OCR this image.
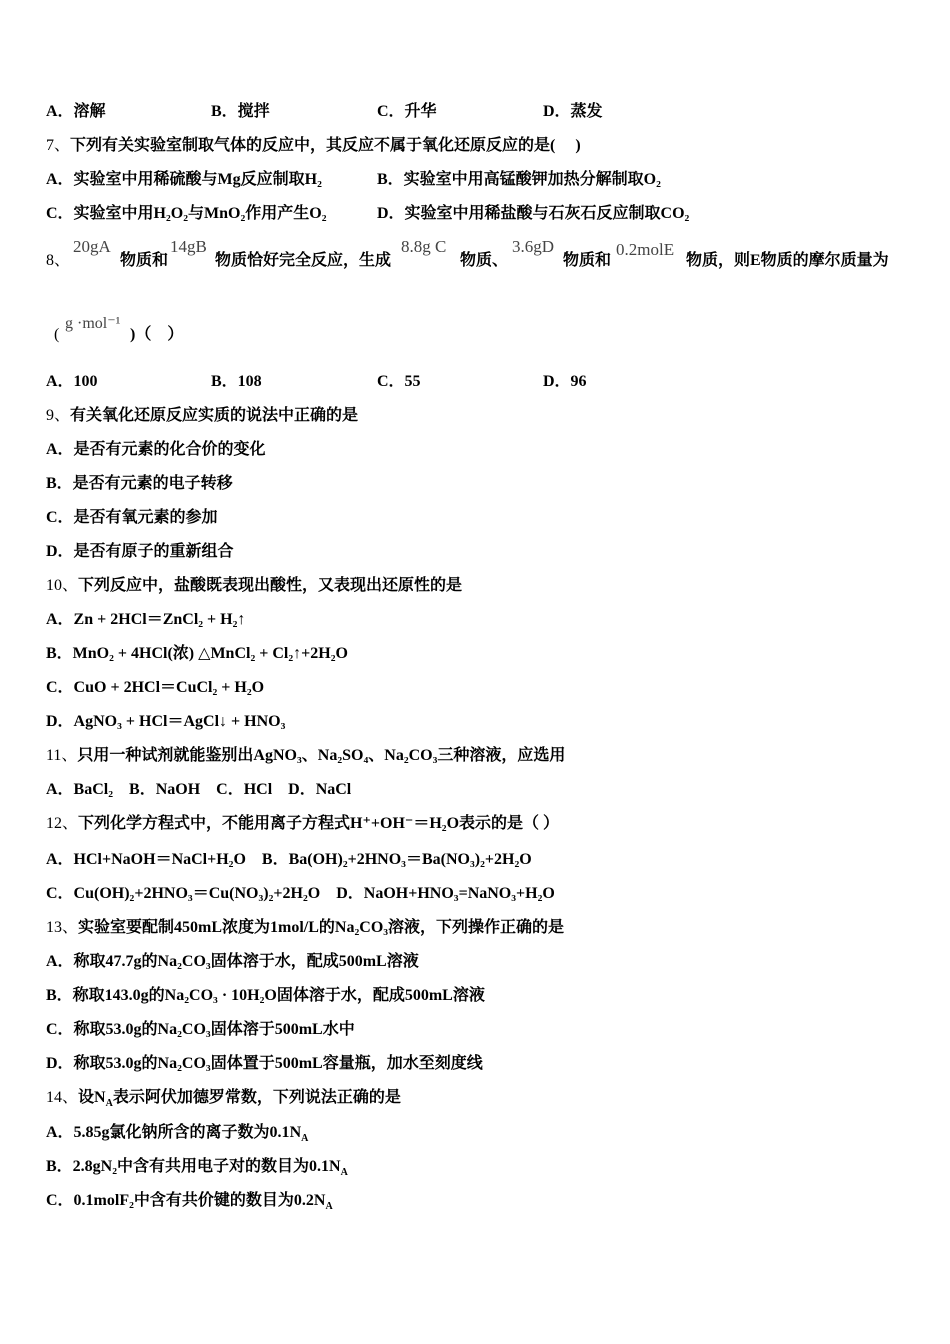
A．溶解	B．搅拌	C．升华	D．蒸发
7、下列有关实验室制取气体的反应中，其反应不属于氧化还原反应的是(　 )
A．实验室中用稀硫酸与Mg反应制取H₂	B．实验室中用高锰酸钾加热分解制取O₂
C．实验室中用H₂O₂与MnO₂作用产生O₂	D．实验室中用稀盐酸与石灰石反应制取CO₂
8、
20gA
物质和
14gB
物质恰好完全反应，生成
8.8g C
物质、
3.6gD
物质和
0.2molE
物质，则E物质的摩尔质量为
(
g ·mol⁻¹
)（　）
A．100	B．108	C．55	D．96
9、有关氧化还原反应实质的说法中正确的是
A．是否有元素的化合价的变化
B．是否有元素的电子转移
C．是否有氧元素的参加
D．是否有原子的重新组合
10、下列反应中，盐酸既表现出酸性，又表现出还原性的是
A．Zn + 2HCl＝ZnCl₂ + H₂↑
B．MnO₂ + 4HCl(浓) △MnCl₂ + Cl₂↑+2H₂O
C．CuO + 2HCl＝CuCl₂ + H₂O
D．AgNO₃ + HCl＝AgCl↓ + HNO₃
11、只用一种试剂就能鉴别出AgNO₃、Na₂SO₄、Na₂CO₃三种溶液，应选用
A．BaCl₂　B．NaOH　C．HCl　D．NaCl
12、下列化学方程式中，不能用离子方程式H⁺+OH⁻＝H₂O表示的是（ ）
A．HCl+NaOH＝NaCl+H₂O　B．Ba(OH)₂+2HNO₃＝Ba(NO₃)₂+2H₂O
C．Cu(OH)₂+2HNO₃＝Cu(NO₃)₂+2H₂O　D．NaOH+HNO₃=NaNO₃+H₂O
13、实验室要配制450mL浓度为1mol/L的Na₂CO₃溶液，下列操作正确的是
A．称取47.7g的Na₂CO₃固体溶于水，配成500mL溶液
B．称取143.0g的Na₂CO₃ · 10H₂O固体溶于水，配成500mL溶液
C．称取53.0g的Na₂CO₃固体溶于500mL水中
D．称取53.0g的Na₂CO₃固体置于500mL容量瓶，加水至刻度线
14、设$N_A$表示阿伏加德罗常数，下列说法正确的是
A．5.85g氯化钠所含的离子数为$0.1N_A$
B．2.8gN₂中含有共用电子对的数目为$0.1N_A$
C．0.1molF₂中含有共价键的数目为$0.2N_A$
